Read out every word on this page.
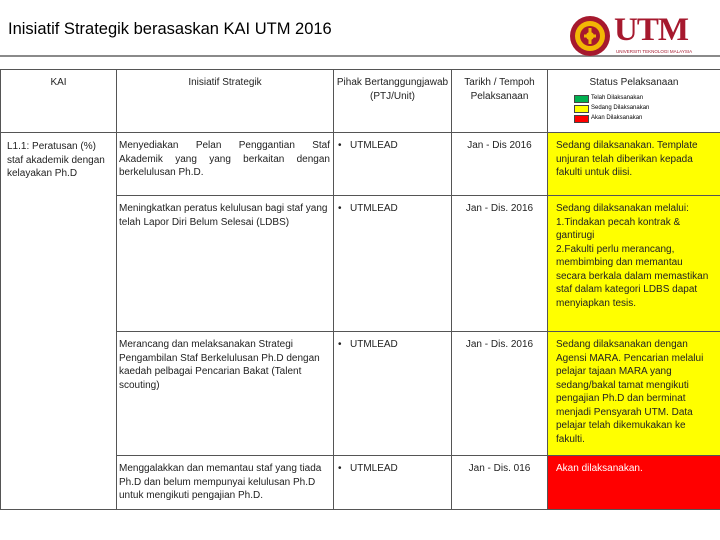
Inisiatif Strategik berasaskan KAI UTM 2016	UTM
UNIVERSITI TEKNOLOGI MALAYSIA
KAI	Inisiatif Strategik	Pihak Bertanggungjawab (PTJ/Unit)	Tarikh / Tempoh Pelaksanaan	Status Pelaksanaan
Telah Dilaksanakan
Sedang Dilaksanakan
Akan Dilaksanakan

L1.1: Peratusan (%) staf akademik dengan kelayakan Ph.D	Menyediakan Pelan Penggantian Staf Akademik yang yang berkaitan dengan berkelulusan Ph.D.	• UTMLEAD	Jan - Dis 2016	Sedang dilaksanakan. Template unjuran telah diberikan kepada fakulti untuk diisi.
	Meningkatkan peratus kelulusan bagi staf yang telah Lapor Diri Belum Selesai (LDBS)	• UTMLEAD	Jan - Dis. 2016	Sedang dilaksanakan melalui:
1.Tindakan pecah kontrak & gantirugi
2.Fakulti perlu merancang, membimbing dan memantau secara berkala dalam memastikan staf dalam kategori LDBS dapat menyiapkan tesis.

	Merancang dan melaksanakan Strategi Pengambilan Staf Berkelulusan Ph.D dengan kaedah pelbagai Pencarian Bakat (Talent scouting)	• UTMLEAD	Jan - Dis. 2016	Sedang dilaksanakan dengan Agensi MARA. Pencarian melalui pelajar tajaan MARA yang sedang/bakal tamat mengikuti pengajian Ph.D dan berminat menjadi Pensyarah UTM. Data pelajar telah dikemukakan ke fakulti.
	Menggalakkan dan memantau staf yang tiada Ph.D dan belum mempunyai kelulusan Ph.D untuk mengikuti pengajian Ph.D.	• UTMLEAD	Jan - Dis. 016	Akan dilaksanakan.
